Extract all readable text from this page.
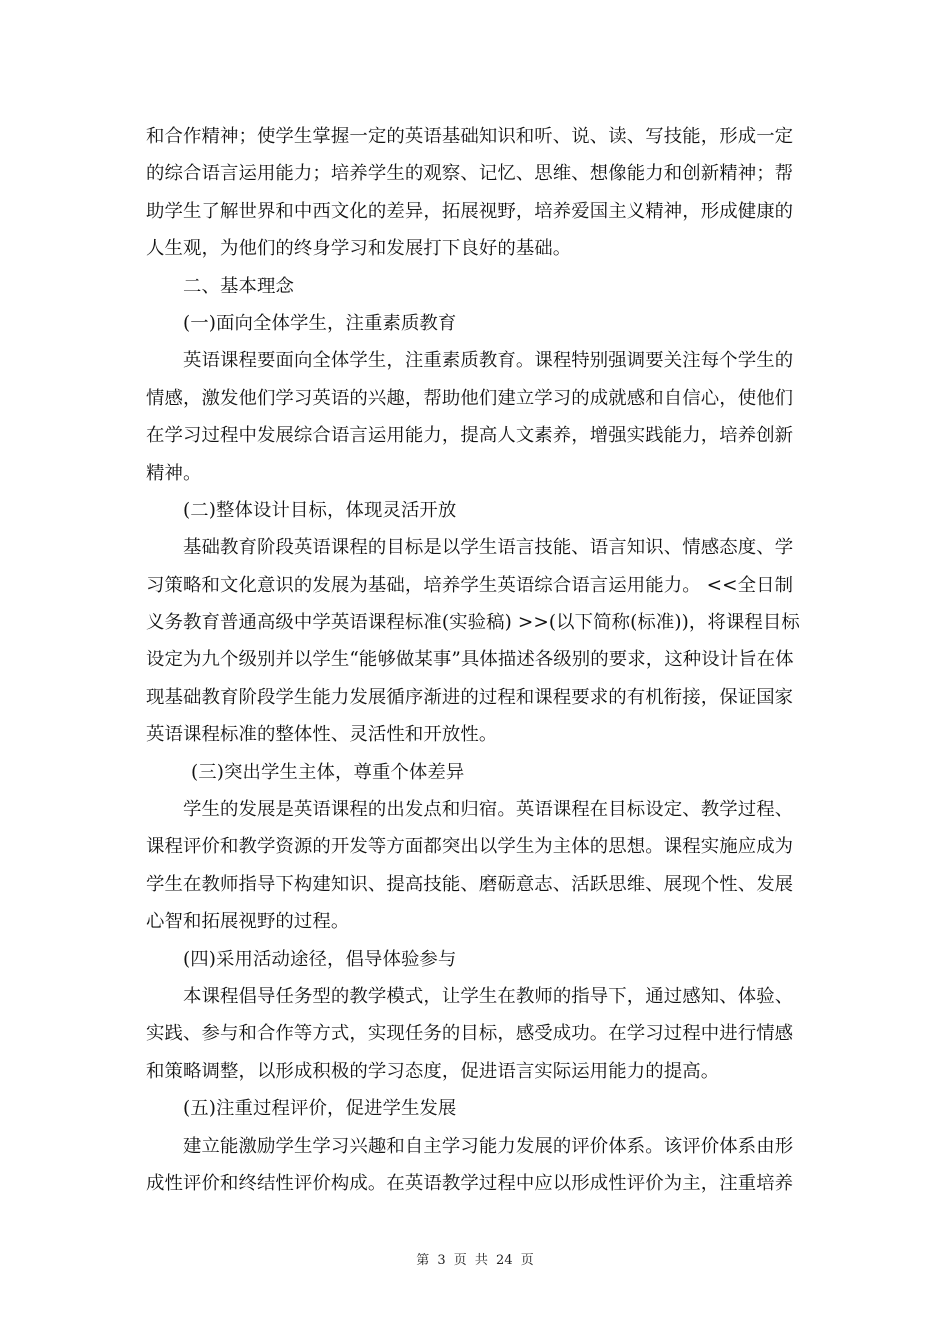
和合作精神；使学生掌握一定的英语基础知识和听、说、读、写技能，形成一定
的综合语言运用能力；培养学生的观察、记忆、思维、想像能力和创新精神；帮
助学生了解世界和中西文化的差异，拓展视野，培养爱国主义精神，形成健康的
人生观，为他们的终身学习和发展打下良好的基础。
二、基本理念
(一)面向全体学生，注重素质教育
英语课程要面向全体学生，注重素质教育。课程特别强调要关注每个学生的
情感，激发他们学习英语的兴趣，帮助他们建立学习的成就感和自信心，使他们
在学习过程中发展综合语言运用能力，提高人文素养，增强实践能力，培养创新
精神。
(二)整体设计目标，体现灵活开放
基础教育阶段英语课程的目标是以学生语言技能、语言知识、情感态度、学
习策略和文化意识的发展为基础，培养学生英语综合语言运用能力。 <<全日制
义务教育普通高级中学英语课程标准(实验稿) >>(以下简称(标准))，将课程目标
设定为九个级别并以学生“能够做某事”具体描述各级别的要求，这种设计旨在体
现基础教育阶段学生能力发展循序渐进的过程和课程要求的有机衔接，保证国家
英语课程标准的整体性、灵活性和开放性。
(三)突出学生主体，尊重个体差异
学生的发展是英语课程的出发点和归宿。英语课程在目标设定、教学过程、
课程评价和教学资源的开发等方面都突出以学生为主体的思想。课程实施应成为
学生在教师指导下构建知识、提高技能、磨砺意志、活跃思维、展现个性、发展
心智和拓展视野的过程。
(四)采用活动途径，倡导体验参与
本课程倡导任务型的教学模式，让学生在教师的指导下，通过感知、体验、
实践、参与和合作等方式，实现任务的目标，感受成功。在学习过程中进行情感
和策略调整，以形成积极的学习态度，促进语言实际运用能力的提高。
(五)注重过程评价，促进学生发展
建立能激励学生学习兴趣和自主学习能力发展的评价体系。该评价体系由形
成性评价和终结性评价构成。在英语教学过程中应以形成性评价为主，注重培养
第 3 页 共 24 页
